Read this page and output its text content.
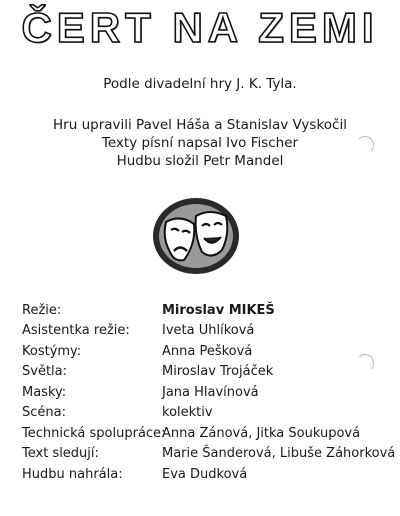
ČERT NA ZEMI
Podle divadelní hry J. K. Tyla.
Hru upravili Pavel Háša a Stanislav Vyskočil
Texty písní napsal Ivo Fischer
Hudbu složil Petr Mandel
Režie:	Miroslav MIKEŠ
Asistentka režie:	Iveta Uhlíková
Kostýmy:	Anna Pešková
Světla:	Miroslav Trojáček
Masky:	Jana Hlavínová
Scéna:	kolektiv
Technická spolupráce:
Anna Zánová, Jitka Soukupová
Text sledují:	Marie Šanderová, Libuše Záhorková
Hudbu nahrála:	Eva Dudková
